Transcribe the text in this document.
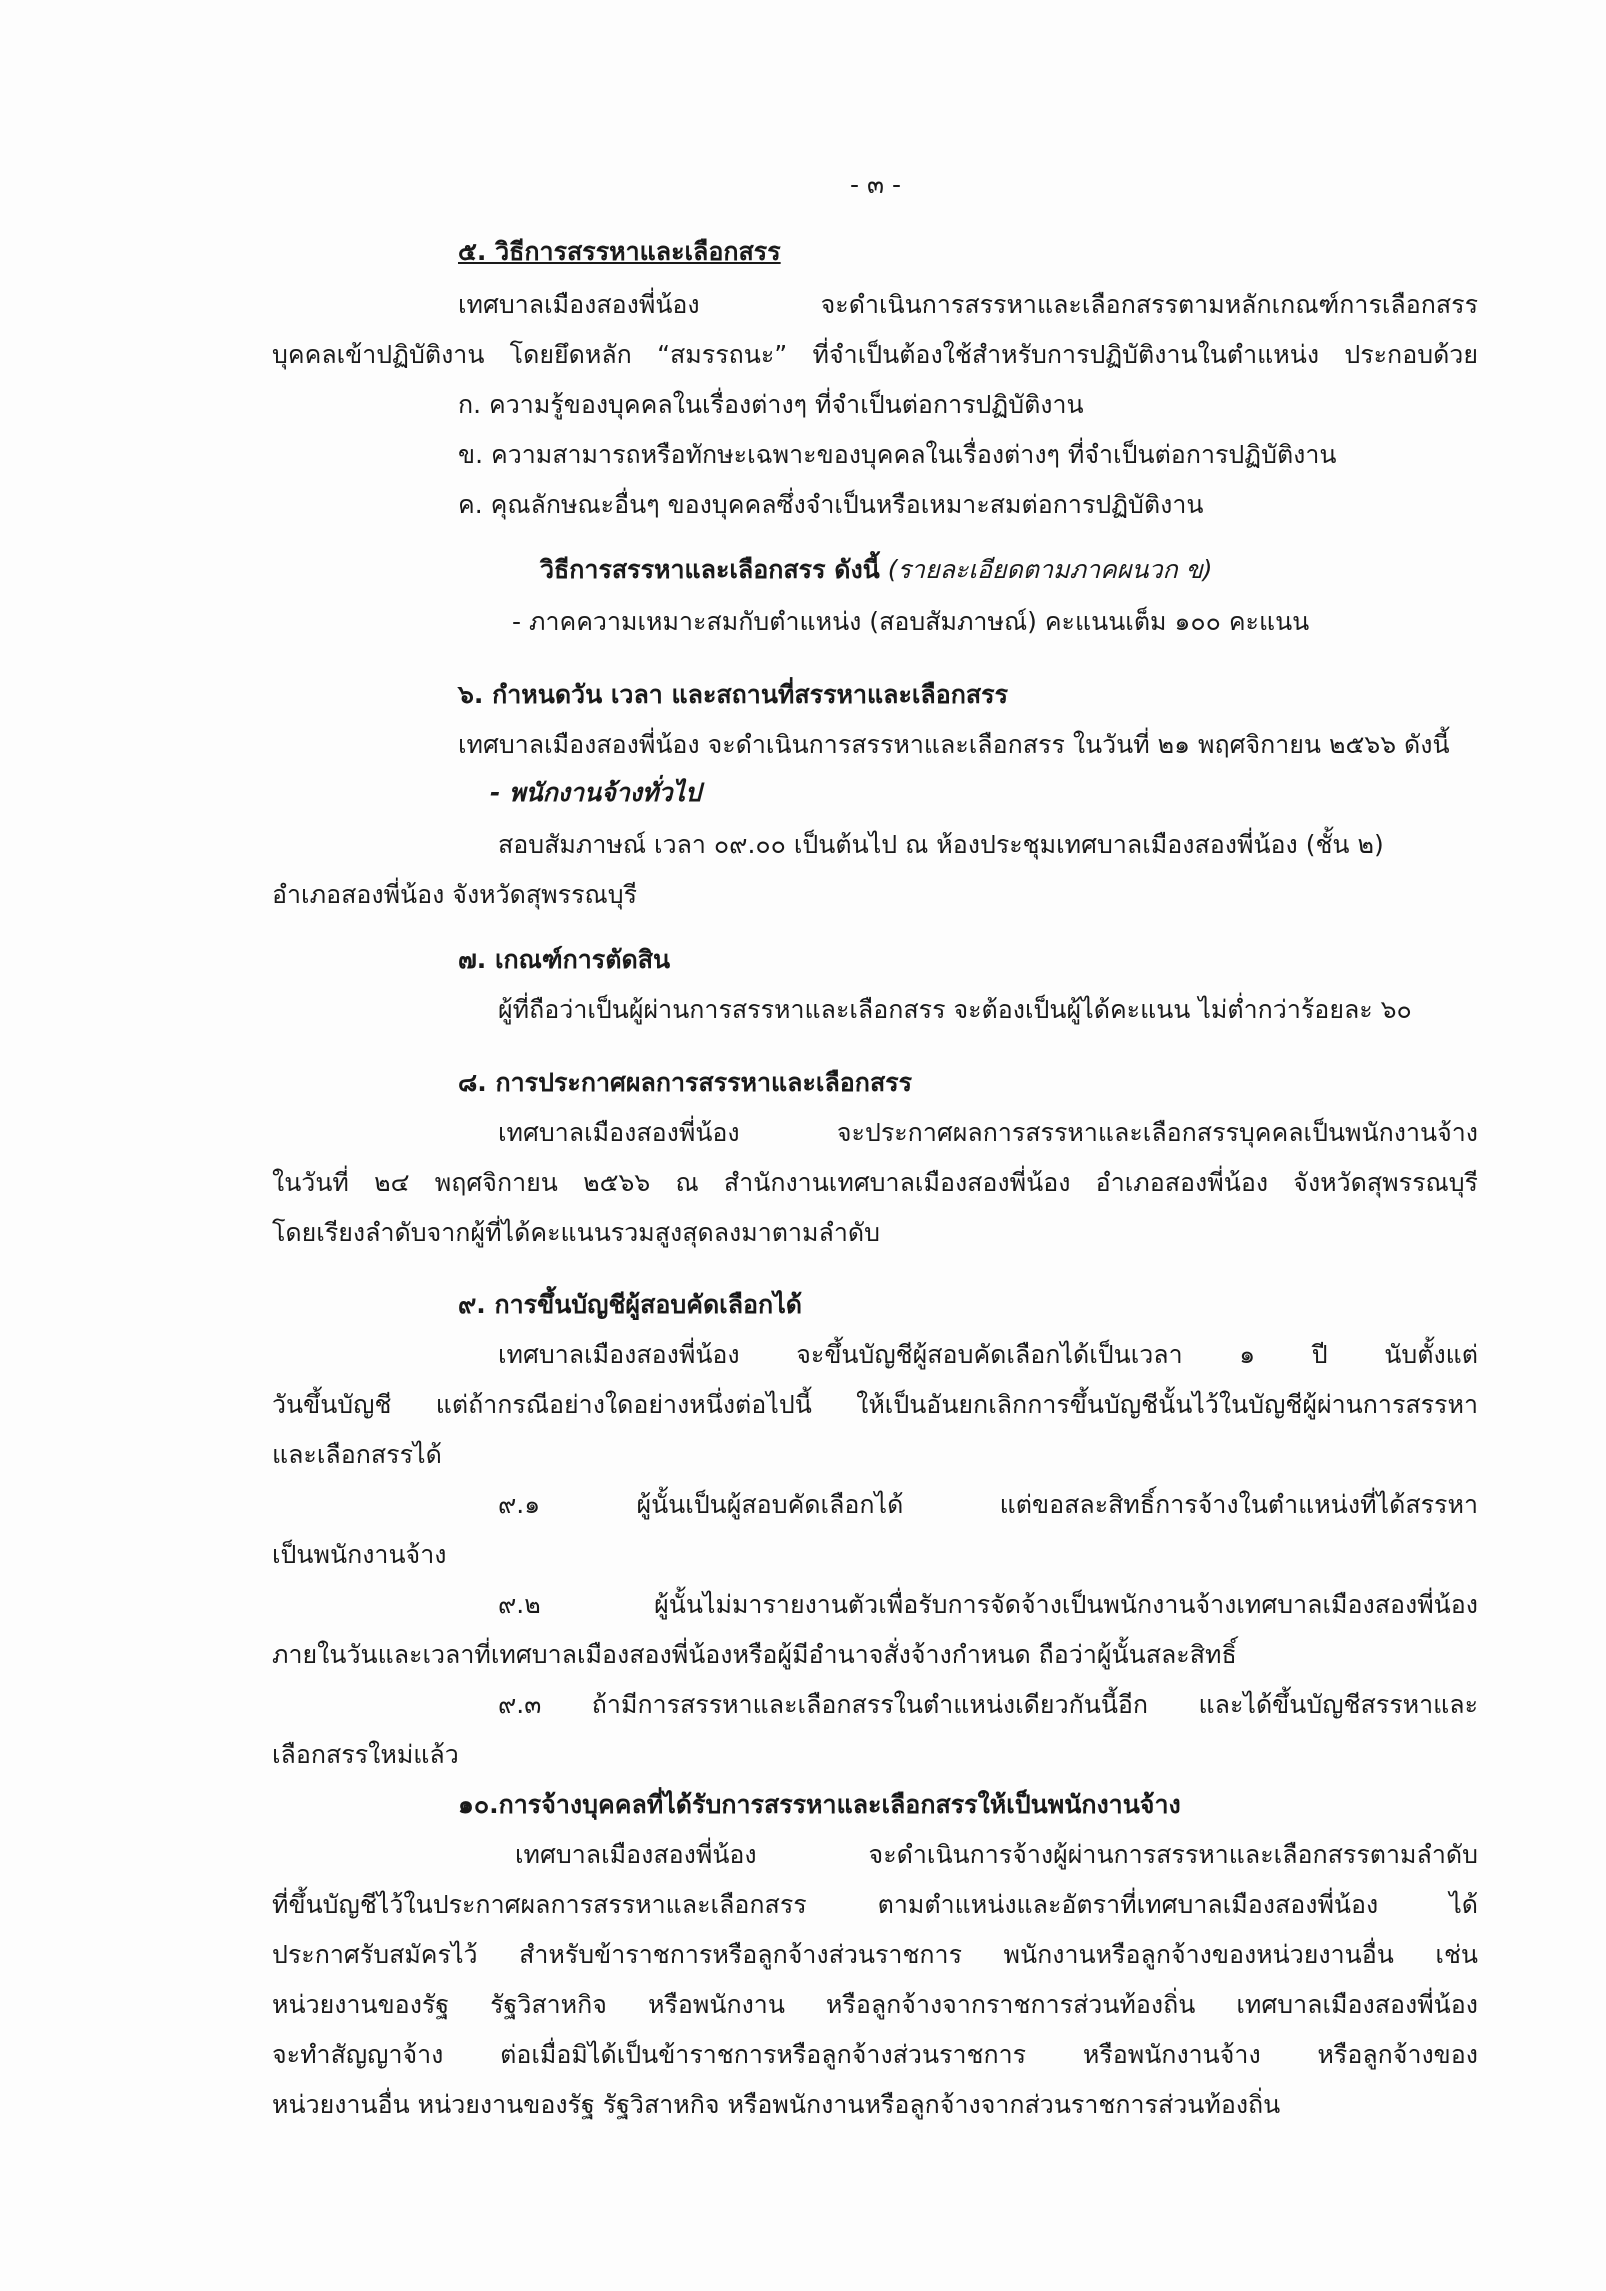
- ๓ -
๕. วิธีการสรรหาและเลือกสรร
เทศบาลเมืองสองพี่น้อง จะดำเนินการสรรหาและเลือกสรรตามหลักเกณฑ์การเลือกสรร
บุคคลเข้าปฏิบัติงาน โดยยึดหลัก “สมรรถนะ” ที่จำเป็นต้องใช้สำหรับการปฏิบัติงานในตำแหน่ง ประกอบด้วย
ก. ความรู้ของบุคคลในเรื่องต่างๆ ที่จำเป็นต่อการปฏิบัติงาน
ข. ความสามารถหรือทักษะเฉพาะของบุคคลในเรื่องต่างๆ ที่จำเป็นต่อการปฏิบัติงาน
ค. คุณลักษณะอื่นๆ ของบุคคลซึ่งจำเป็นหรือเหมาะสมต่อการปฏิบัติงาน
วิธีการสรรหาและเลือกสรร ดังนี้ (รายละเอียดตามภาคผนวก ข)
- ภาคความเหมาะสมกับตำแหน่ง (สอบสัมภาษณ์) คะแนนเต็ม ๑๐๐ คะแนน
๖. กำหนดวัน เวลา และสถานที่สรรหาและเลือกสรร
เทศบาลเมืองสองพี่น้อง จะดำเนินการสรรหาและเลือกสรร ในวันที่ ๒๑ พฤศจิกายน ๒๕๖๖ ดังนี้
- พนักงานจ้างทั่วไป
สอบสัมภาษณ์ เวลา ๐๙.๐๐ เป็นต้นไป ณ ห้องประชุมเทศบาลเมืองสองพี่น้อง (ชั้น ๒)
อำเภอสองพี่น้อง จังหวัดสุพรรณบุรี
๗. เกณฑ์การตัดสิน
ผู้ที่ถือว่าเป็นผู้ผ่านการสรรหาและเลือกสรร จะต้องเป็นผู้ได้คะแนน ไม่ต่ำกว่าร้อยละ ๖๐
๘. การประกาศผลการสรรหาและเลือกสรร
เทศบาลเมืองสองพี่น้อง จะประกาศผลการสรรหาและเลือกสรรบุคคลเป็นพนักงานจ้าง
ในวันที่ ๒๔ พฤศจิกายน ๒๕๖๖ ณ สำนักงานเทศบาลเมืองสองพี่น้อง อำเภอสองพี่น้อง จังหวัดสุพรรณบุรี
โดยเรียงลำดับจากผู้ที่ได้คะแนนรวมสูงสุดลงมาตามลำดับ
๙. การขึ้นบัญชีผู้สอบคัดเลือกได้
เทศบาลเมืองสองพี่น้อง จะขึ้นบัญชีผู้สอบคัดเลือกได้เป็นเวลา ๑ ปี นับตั้งแต่
วันขึ้นบัญชี แต่ถ้ากรณีอย่างใดอย่างหนึ่งต่อไปนี้ ให้เป็นอันยกเลิกการขึ้นบัญชีนั้นไว้ในบัญชีผู้ผ่านการสรรหา
และเลือกสรรได้
๙.๑ ผู้นั้นเป็นผู้สอบคัดเลือกได้ แต่ขอสละสิทธิ์การจ้างในตำแหน่งที่ได้สรรหา
เป็นพนักงานจ้าง
๙.๒ ผู้นั้นไม่มารายงานตัวเพื่อรับการจัดจ้างเป็นพนักงานจ้างเทศบาลเมืองสองพี่น้อง
ภายในวันและเวลาที่เทศบาลเมืองสองพี่น้องหรือผู้มีอำนาจสั่งจ้างกำหนด ถือว่าผู้นั้นสละสิทธิ์
๙.๓ ถ้ามีการสรรหาและเลือกสรรในตำแหน่งเดียวกันนี้อีก และได้ขึ้นบัญชีสรรหาและ
เลือกสรรใหม่แล้ว
๑๐.การจ้างบุคคลที่ได้รับการสรรหาและเลือกสรรให้เป็นพนักงานจ้าง
เทศบาลเมืองสองพี่น้อง จะดำเนินการจ้างผู้ผ่านการสรรหาและเลือกสรรตามลำดับ
ที่ขึ้นบัญชีไว้ในประกาศผลการสรรหาและเลือกสรร ตามตำแหน่งและอัตราที่เทศบาลเมืองสองพี่น้อง ได้
ประกาศรับสมัครไว้ สำหรับข้าราชการหรือลูกจ้างส่วนราชการ พนักงานหรือลูกจ้างของหน่วยงานอื่น เช่น
หน่วยงานของรัฐ รัฐวิสาหกิจ หรือพนักงาน หรือลูกจ้างจากราชการส่วนท้องถิ่น เทศบาลเมืองสองพี่น้อง
จะทำสัญญาจ้าง ต่อเมื่อมิได้เป็นข้าราชการหรือลูกจ้างส่วนราชการ หรือพนักงานจ้าง หรือลูกจ้างของ
หน่วยงานอื่น หน่วยงานของรัฐ รัฐวิสาหกิจ หรือพนักงานหรือลูกจ้างจากส่วนราชการส่วนท้องถิ่น
